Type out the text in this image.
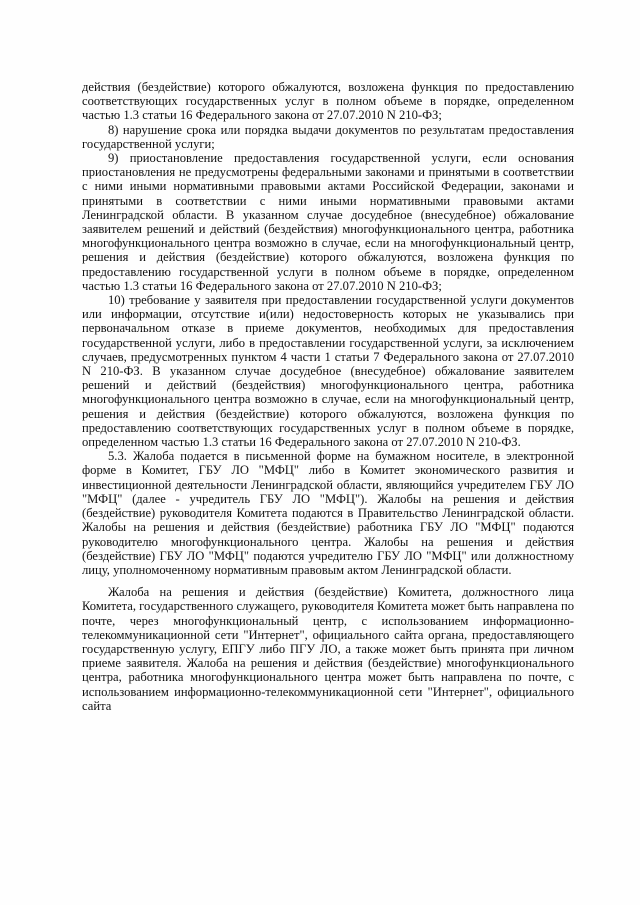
действия (бездействие) которого обжалуются, возложена функция по предоставлению соответствующих государственных услуг в полном объеме в порядке, определенном частью 1.3 статьи 16 Федерального закона от 27.07.2010 N 210-ФЗ;

8) нарушение срока или порядка выдачи документов по результатам предоставления государственной услуги;

9) приостановление предоставления государственной услуги, если основания приостановления не предусмотрены федеральными законами и принятыми в соответствии с ними иными нормативными правовыми актами Российской Федерации, законами и принятыми в соответствии с ними иными нормативными правовыми актами Ленинградской области. В указанном случае досудебное (внесудебное) обжалование заявителем решений и действий (бездействия) многофункционального центра, работника многофункционального центра возможно в случае, если на многофункциональный центр, решения и действия (бездействие) которого обжалуются, возложена функция по предоставлению государственной услуги в полном объеме в порядке, определенном частью 1.3 статьи 16 Федерального закона от 27.07.2010 N 210-ФЗ;

10) требование у заявителя при предоставлении государственной услуги документов или информации, отсутствие и(или) недостоверность которых не указывались при первоначальном отказе в приеме документов, необходимых для предоставления государственной услуги, либо в предоставлении государственной услуги, за исключением случаев, предусмотренных пунктом 4 части 1 статьи 7 Федерального закона от 27.07.2010 N 210-ФЗ. В указанном случае досудебное (внесудебное) обжалование заявителем решений и действий (бездействия) многофункционального центра, работника многофункционального центра возможно в случае, если на многофункциональный центр, решения и действия (бездействие) которого обжалуются, возложена функция по предоставлению соответствующих государственных услуг в полном объеме в порядке, определенном частью 1.3 статьи 16 Федерального закона от 27.07.2010 N 210-ФЗ.

5.3. Жалоба подается в письменной форме на бумажном носителе, в электронной форме в Комитет, ГБУ ЛО "МФЦ" либо в Комитет экономического развития и инвестиционной деятельности Ленинградской области, являющийся учредителем ГБУ ЛО "МФЦ" (далее - учредитель ГБУ ЛО "МФЦ"). Жалобы на решения и действия (бездействие) руководителя Комитета подаются в Правительство Ленинградской области. Жалобы на решения и действия (бездействие) работника ГБУ ЛО "МФЦ" подаются руководителю многофункционального центра. Жалобы на решения и действия (бездействие) ГБУ ЛО "МФЦ" подаются учредителю ГБУ ЛО "МФЦ" или должностному лицу, уполномоченному нормативным правовым актом Ленинградской области.

Жалоба на решения и действия (бездействие) Комитета, должностного лица Комитета, государственного служащего, руководителя Комитета может быть направлена по почте, через многофункциональный центр, с использованием информационно-телекоммуникационной сети "Интернет", официального сайта органа, предоставляющего государственную услугу, ЕПГУ либо ПГУ ЛО, а также может быть принята при личном приеме заявителя. Жалоба на решения и действия (бездействие) многофункционального центра, работника многофункционального центра может быть направлена по почте, с использованием информационно-телекоммуникационной сети "Интернет", официального сайта
